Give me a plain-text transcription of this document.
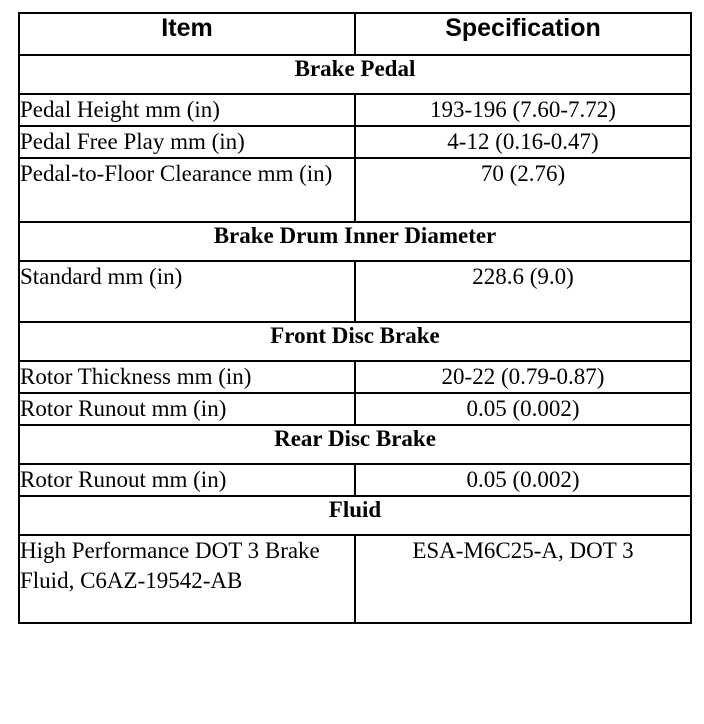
Item	Specification
Brake Pedal	
Pedal Height mm (in)	193-196 (7.60-7.72)
Pedal Free Play mm (in)	4-12 (0.16-0.47)
Pedal-to-Floor Clearance mm (in)	70 (2.76)
Brake Drum Inner Diameter	
Standard mm (in)	228.6 (9.0)
Front Disc Brake	
Rotor Thickness mm (in)	20-22 (0.79-0.87)
Rotor Runout mm (in)	0.05 (0.002)
Rear Disc Brake	
Rotor Runout mm (in)	0.05 (0.002)
Fluid	
High Performance DOT 3 Brake Fluid, C6AZ-19542-AB	ESA-M6C25-A, DOT 3
